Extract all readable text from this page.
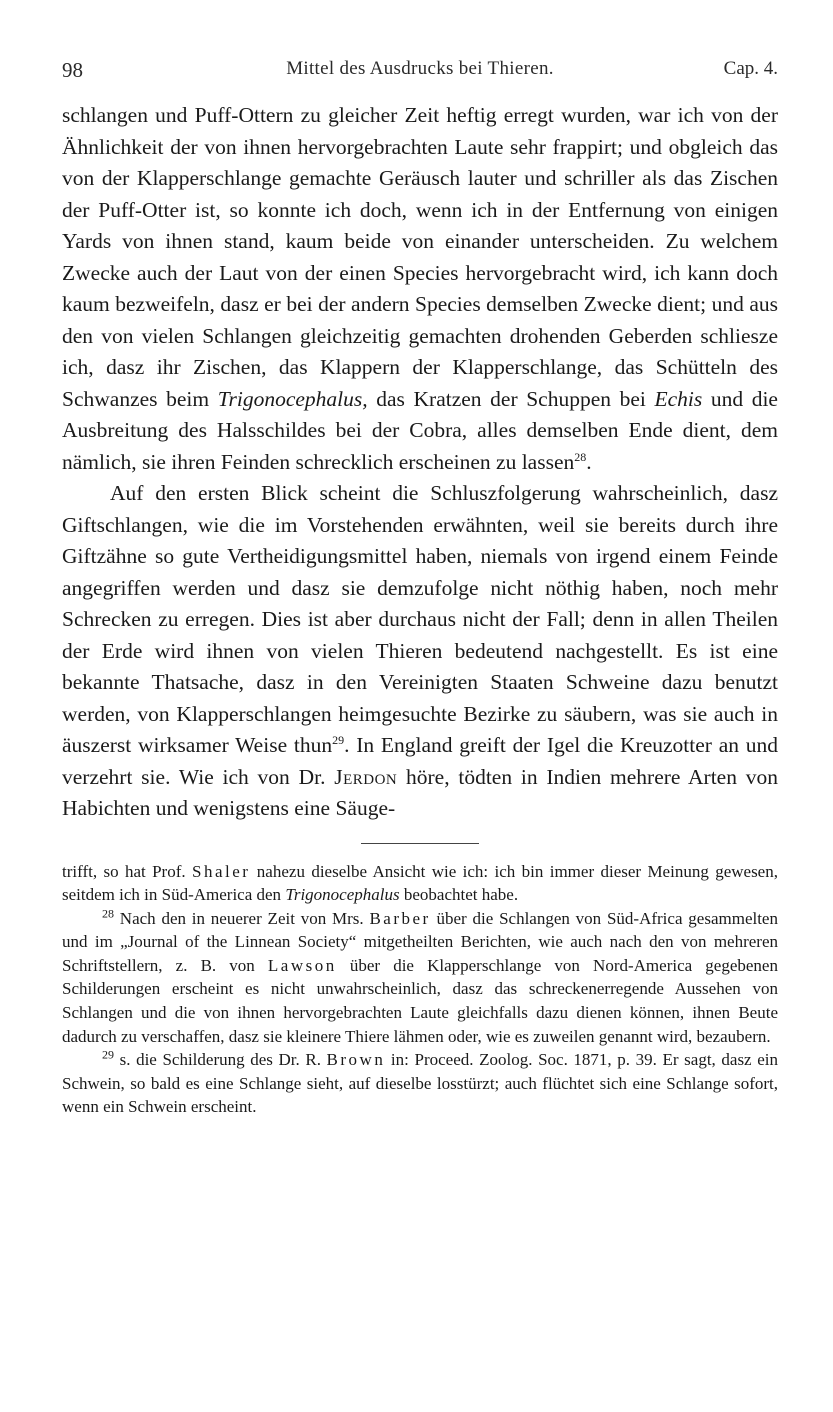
98	Mittel des Ausdrucks bei Thieren.	Cap. 4.

schlangen und Puff-Ottern zu gleicher Zeit heftig erregt wurden, war ich von der Ähnlichkeit der von ihnen hervorgebrachten Laute sehr frappirt; und obgleich das von der Klapperschlange gemachte Geräusch lauter und schriller als das Zischen der Puff-Otter ist, so konnte ich doch, wenn ich in der Entfernung von einigen Yards von ihnen stand, kaum beide von einander unterscheiden. Zu welchem Zwecke auch der Laut von der einen Species hervorgebracht wird, ich kann doch kaum bezweifeln, dasz er bei der andern Species demselben Zwecke dient; und aus den von vielen Schlangen gleichzeitig gemachten drohenden Geberden schliesze ich, dasz ihr Zischen, das Klappern der Klapperschlange, das Schütteln des Schwanzes beim Trigonocephalus, das Kratzen der Schuppen bei Echis und die Ausbreitung des Halsschildes bei der Cobra, alles demselben Ende dient, dem nämlich, sie ihren Feinden schrecklich erscheinen zu lassen$^{28}$.

Auf den ersten Blick scheint die Schluszfolgerung wahrscheinlich, dasz Giftschlangen, wie die im Vorstehenden erwähnten, weil sie bereits durch ihre Giftzähne so gute Vertheidigungsmittel haben, niemals von irgend einem Feinde angegriffen werden und dasz sie demzufolge nicht nöthig haben, noch mehr Schrecken zu erregen. Dies ist aber durchaus nicht der Fall; denn in allen Theilen der Erde wird ihnen von vielen Thieren bedeutend nachgestellt. Es ist eine bekannte Thatsache, dasz in den Vereinigten Staaten Schweine dazu benutzt werden, von Klapperschlangen heimgesuchte Bezirke zu säubern, was sie auch in äuszerst wirksamer Weise thun$^{29}$. In England greift der Igel die Kreuzotter an und verzehrt sie. Wie ich von Dr. Jerdon höre, tödten in Indien mehrere Arten von Habichten und wenigstens eine Säuge-

trifft, so hat Prof. Shaler nahezu dieselbe Ansicht wie ich: ich bin immer dieser Meinung gewesen, seitdem ich in Süd-America den Trigonocephalus beobachtet habe.

$^{28}$ Nach den in neuerer Zeit von Mrs. Barber über die Schlangen von Süd-Africa gesammelten und im „Journal of the Linnean Society“ mitgetheilten Berichten, wie auch nach den von mehreren Schriftstellern, z. B. von Lawson über die Klapperschlange von Nord-America gegebenen Schilderungen erscheint es nicht unwahrscheinlich, dasz das schreckenerregende Aussehen von Schlangen und die von ihnen hervorgebrachten Laute gleichfalls dazu dienen können, ihnen Beute dadurch zu verschaffen, dasz sie kleinere Thiere lähmen oder, wie es zuweilen genannt wird, bezaubern.

$^{29}$ s. die Schilderung des Dr. R. Brown in: Proceed. Zoolog. Soc. 1871, p. 39. Er sagt, dasz ein Schwein, so bald es eine Schlange sieht, auf dieselbe losstürzt; auch flüchtet sich eine Schlange sofort, wenn ein Schwein erscheint.
